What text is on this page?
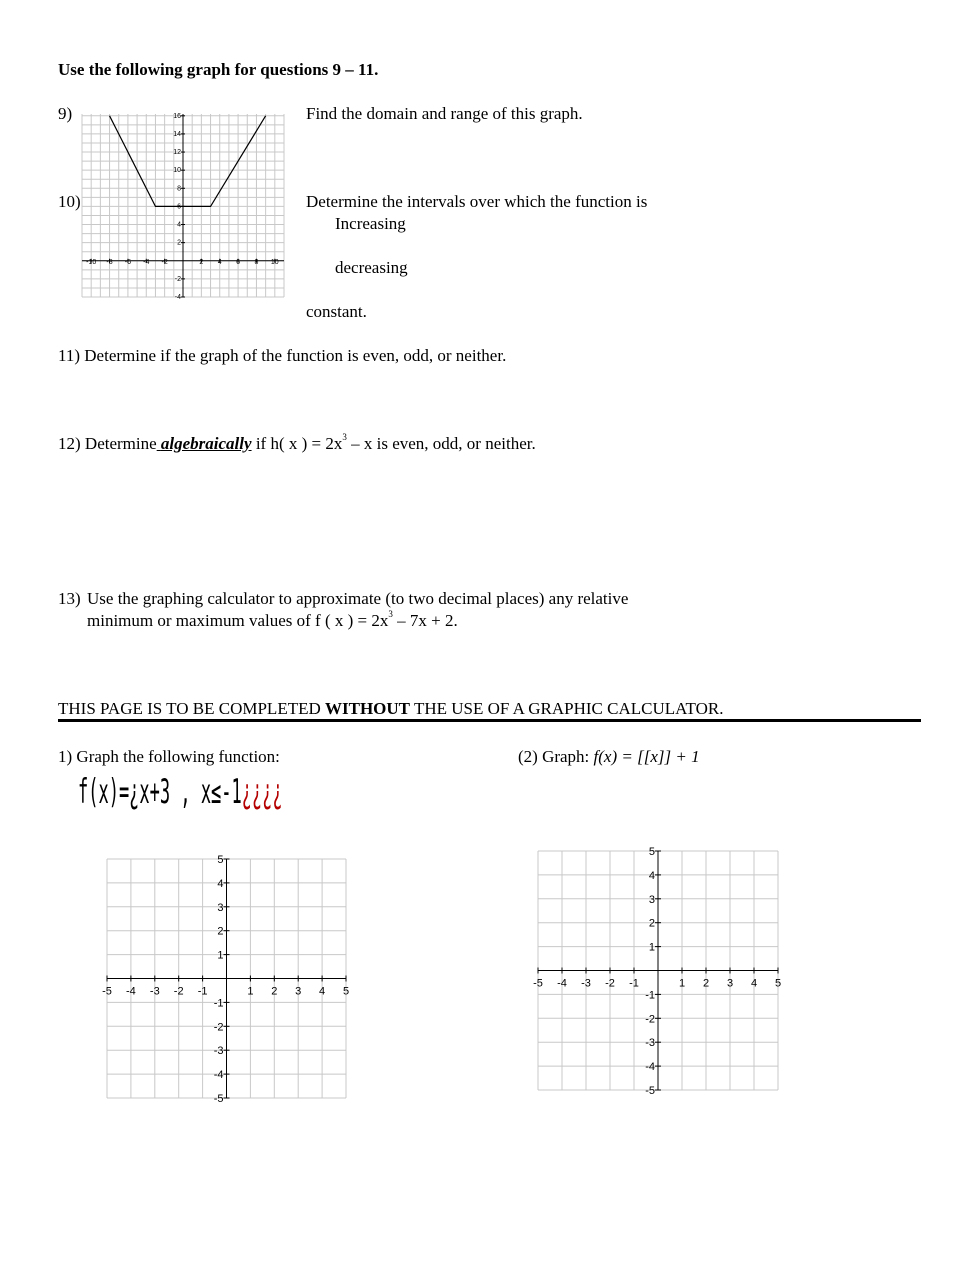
Use the following graph for questions 9 – 11.
9)	Find the domain and range of this graph.
10)	Determine the intervals over which the function is
Increasing
decreasing
constant.
-10 -8 -6 -4 -2	2 4 6 8 10
16
14
12
10
8
6
4
2
-2
-4
11) Determine if the graph of the function is even, odd, or neither.
12) Determine algebraically if h( x ) = $2x^3$ – x is even, odd, or neither.
13) Use the graphing calculator to approximate (to two decimal places) any relative
minimum or maximum values of f ( x ) = $2x^3 - 7x + 2$.
THIS PAGE IS TO BE COMPLETED WITHOUT THE USE OF A GRAPHIC CALCULATOR.
1) Graph the following function:
f(x)=¿x+3 , x≤-1¿¿¿¿
(2) Graph: f(x) = [[x]] + 1
-5 -4 -3 -2 -1	1 2 3 4 5
5
4
3
2
1
-1
-2
-3
-4
-5
-5 -4 -3 -2 -1	1 2 3 4 5
5
4
3
2
1
-1
-2
-3
-4
-5
